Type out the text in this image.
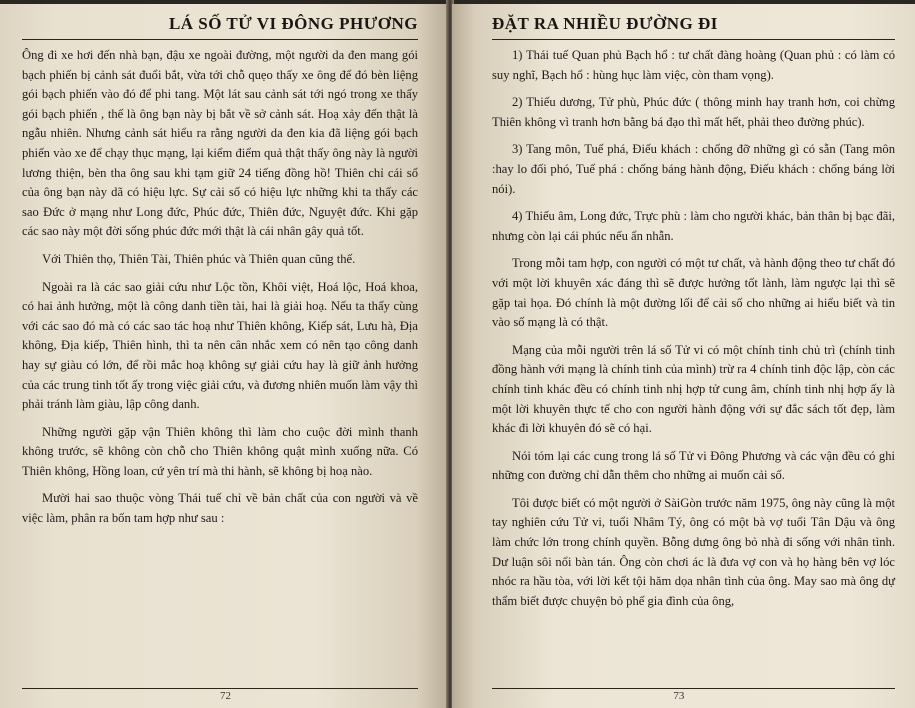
LÁ SỐ TỬ VI ĐÔNG PHƯƠNG

Ông đi xe hơi đến nhà bạn, đậu xe ngoài đường, một người da đen mang gói bạch phiến bị cảnh sát đuổi bắt, vừa tới chỗ quẹo thấy xe ông để đó bèn liệng gói bạch phiến vào đó để phi tang. Một lát sau cảnh sát tới ngó trong xe thấy gói bạch phiến , thế là ông bạn này bị bắt về sở cảnh sát. Hoạ xảy đến thật là ngẫu nhiên. Nhưng cảnh sát hiểu ra rằng người da đen kia đã liệng gói bạch phiến vào xe để chạy thục mạng, lại kiểm điểm quả thật thấy ông này là người lương thiện, bèn tha ông sau khi tạm giữ 24 tiếng đồng hồ! Thiên chỉ cái số của ông bạn này dã có hiệu lực. Sự cải số có hiệu lực những khi ta thấy các sao Đức ở mạng như Long đức, Phúc đức, Thiên đức, Nguyệt đức. Khi gặp các sao này một đời sống phúc đức mới thật là cái nhân gây quả tốt.

Với Thiên thọ, Thiên Tài, Thiên phúc và Thiên quan cũng thế.

Ngoài ra là các sao giải cứu như Lộc tồn, Khôi việt, Hoá lộc, Hoá khoa, có hai ảnh hưởng, một là công danh tiền tài, hai là giải hoạ. Nếu ta thấy cùng với các sao đó mà có các sao tác hoạ như Thiên không, Kiếp sát, Lưu hà, Địa không, Địa kiếp, Thiên hình, thì ta nên cân nhắc xem có nên tạo công danh hay sự giàu có lớn, để rồi mắc hoạ không sự giải cứu hay là giữ ảnh hưởng của các trung tinh tốt ấy trong việc giải cứu, và đương nhiên muốn làm vậy thì phải tránh làm giàu, lập công danh.

Những người gặp vận Thiên không thì làm cho cuộc đời mình thanh không trước, sẽ không còn chỗ cho Thiên không quật mình xuống nữa. Có Thiên không, Hồng loan, cứ yên trí mà thi hành, sẽ không bị hoạ nào.

Mười hai sao thuộc vòng Thái tuế chỉ về bản chất của con người và về việc làm, phân ra bốn tam hợp như sau :

72
ĐẶT RA NHIỀU ĐƯỜNG ĐI

1) Thái tuế Quan phủ Bạch hổ : tư chất đàng hoàng (Quan phủ : có làm có suy nghĩ, Bạch hổ : hùng hục làm việc, còn tham vọng).

2) Thiếu dương, Tử phù, Phúc đức ( thông minh hay tranh hơn, coi chừng Thiên không vì tranh hơn bằng bá đạo thì mất hết, phải theo đường phúc).

3) Tang môn, Tuế phá, Điếu khách : chống đỡ những gì có sẵn (Tang môn :hay lo đối phó, Tuế phá : chống báng hành động, Điếu khách : chống báng lời nói).

4) Thiếu âm, Long đức, Trực phù : làm cho người khác, bản thân bị bạc đãi, nhưng còn lại cái phúc nếu ẩn nhẫn.

Trong mỗi tam hợp, con người có một tư chất, và hành động theo tư chất đó với một lời khuyên xác đáng thì sẽ được hưởng tốt lành, làm ngược lại thì sẽ gặp tai họa. Đó chính là một đường lối để cải số cho những ai hiểu biết và tin vào số mạng là có thật.

Mạng của mỗi người trên lá số Tử vi có một chính tinh chủ trì (chính tinh đồng hành với mạng là chính tinh của mình) trừ ra 4 chính tinh độc lập, còn các chính tinh khác đều có chính tinh nhị hợp tử cung âm, chính tinh nhị hợp ấy là một lời khuyên thực tế cho con người hành động với sự đắc sách tốt đẹp, làm khác đi lời khuyên đó sẽ có hại.

Nói tóm lại các cung trong lá số Tử vi Đông Phương và các vận đều có ghi những con đường chỉ dẫn thêm cho những ai muốn cải số.

Tôi được biết có một người ở SàiGòn trước năm 1975, ông này cũng là một tay nghiên cứu Tử vi, tuổi Nhâm Tý, ông có một bà vợ tuổi Tân Dậu và ông làm chức lớn trong chính quyền. Bỗng dưng ông bỏ nhà đi sống với nhân tình. Dư luận sôi nổi bàn tán. Ông còn chơi ác là đưa vợ con và họ hàng bên vợ lóc nhóc ra hầu tòa, với lời kết tội hăm dọa nhân tình của ông. May sao mà ông dự thẩm biết được chuyện bỏ phế gia đình của ông,

73
